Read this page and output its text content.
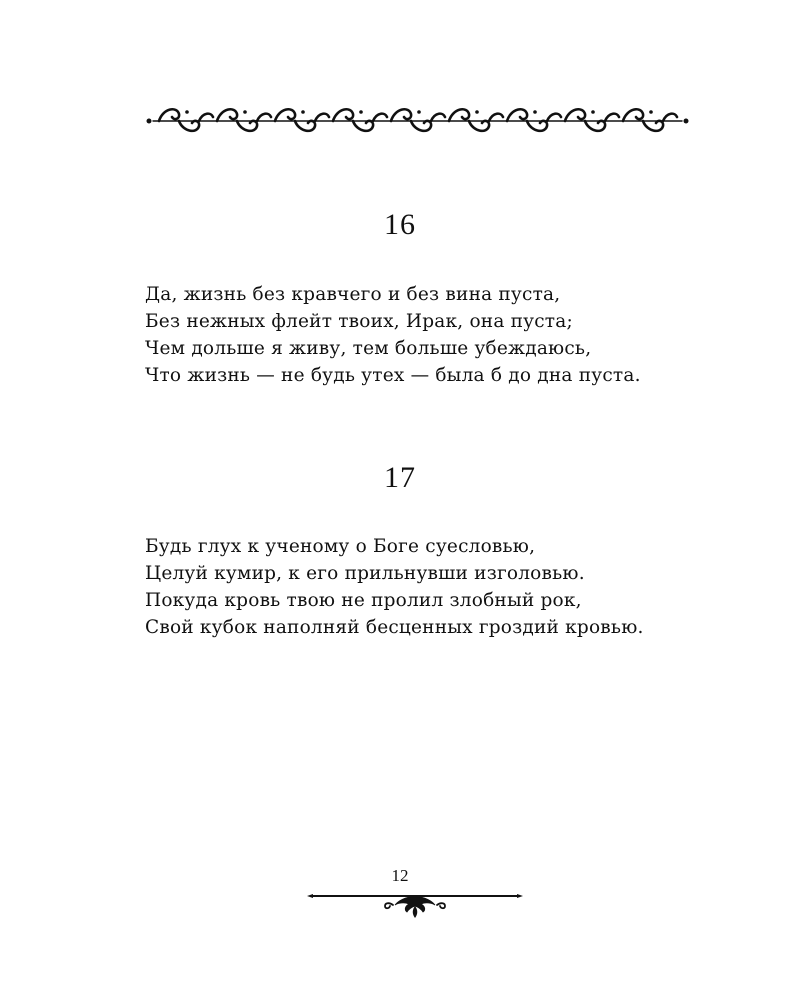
16
Да, жизнь без кравчего и без вина пуста,
Без нежных флейт твоих, Ирак, она пуста;
Чем дольше я живу, тем больше убеждаюсь,
Что жизнь — не будь утех — была б до дна пуста.
17
Будь глух к ученому о Боге суесловью,
Целуй кумир, к его прильнувши изголовью.
Покуда кровь твою не пролил злобный рок,
Свой кубок наполняй бесценных гроздий кровью.
12
